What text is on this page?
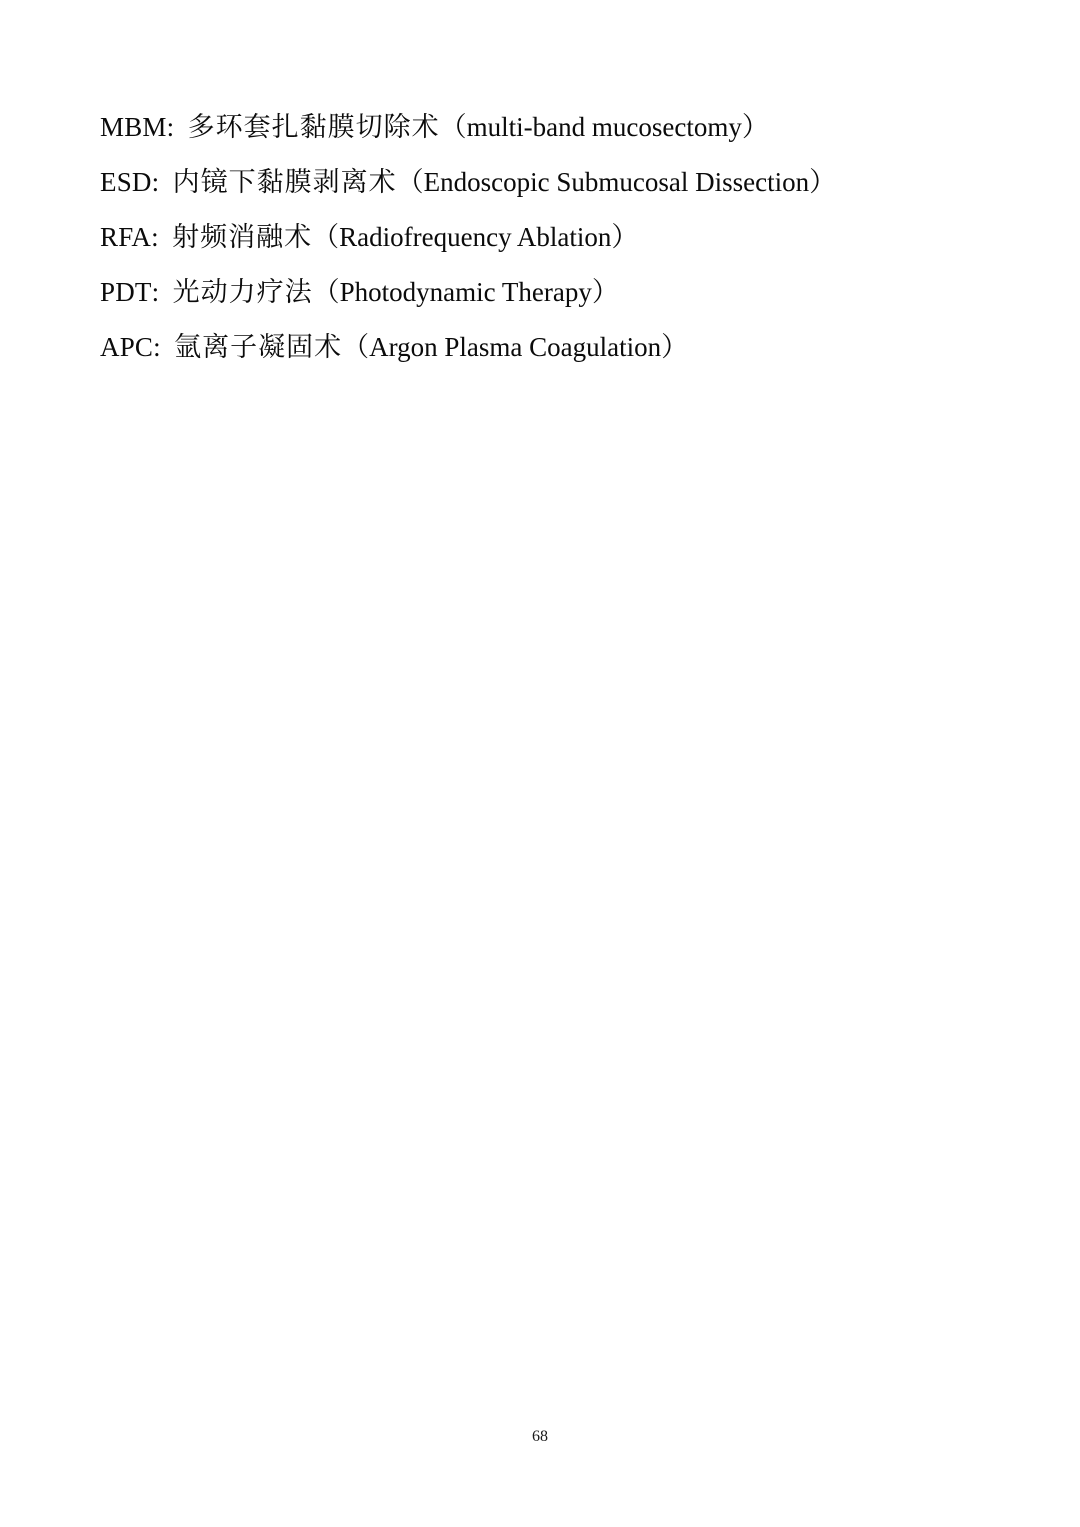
MBM: 多环套扎黏膜切除术（multi-band mucosectomy）
ESD: 内镜下黏膜剥离术（Endoscopic Submucosal Dissection）
RFA: 射频消融术（Radiofrequency Ablation）
PDT: 光动力疗法（Photodynamic Therapy）
APC: 氩离子凝固术（Argon Plasma Coagulation）
68
